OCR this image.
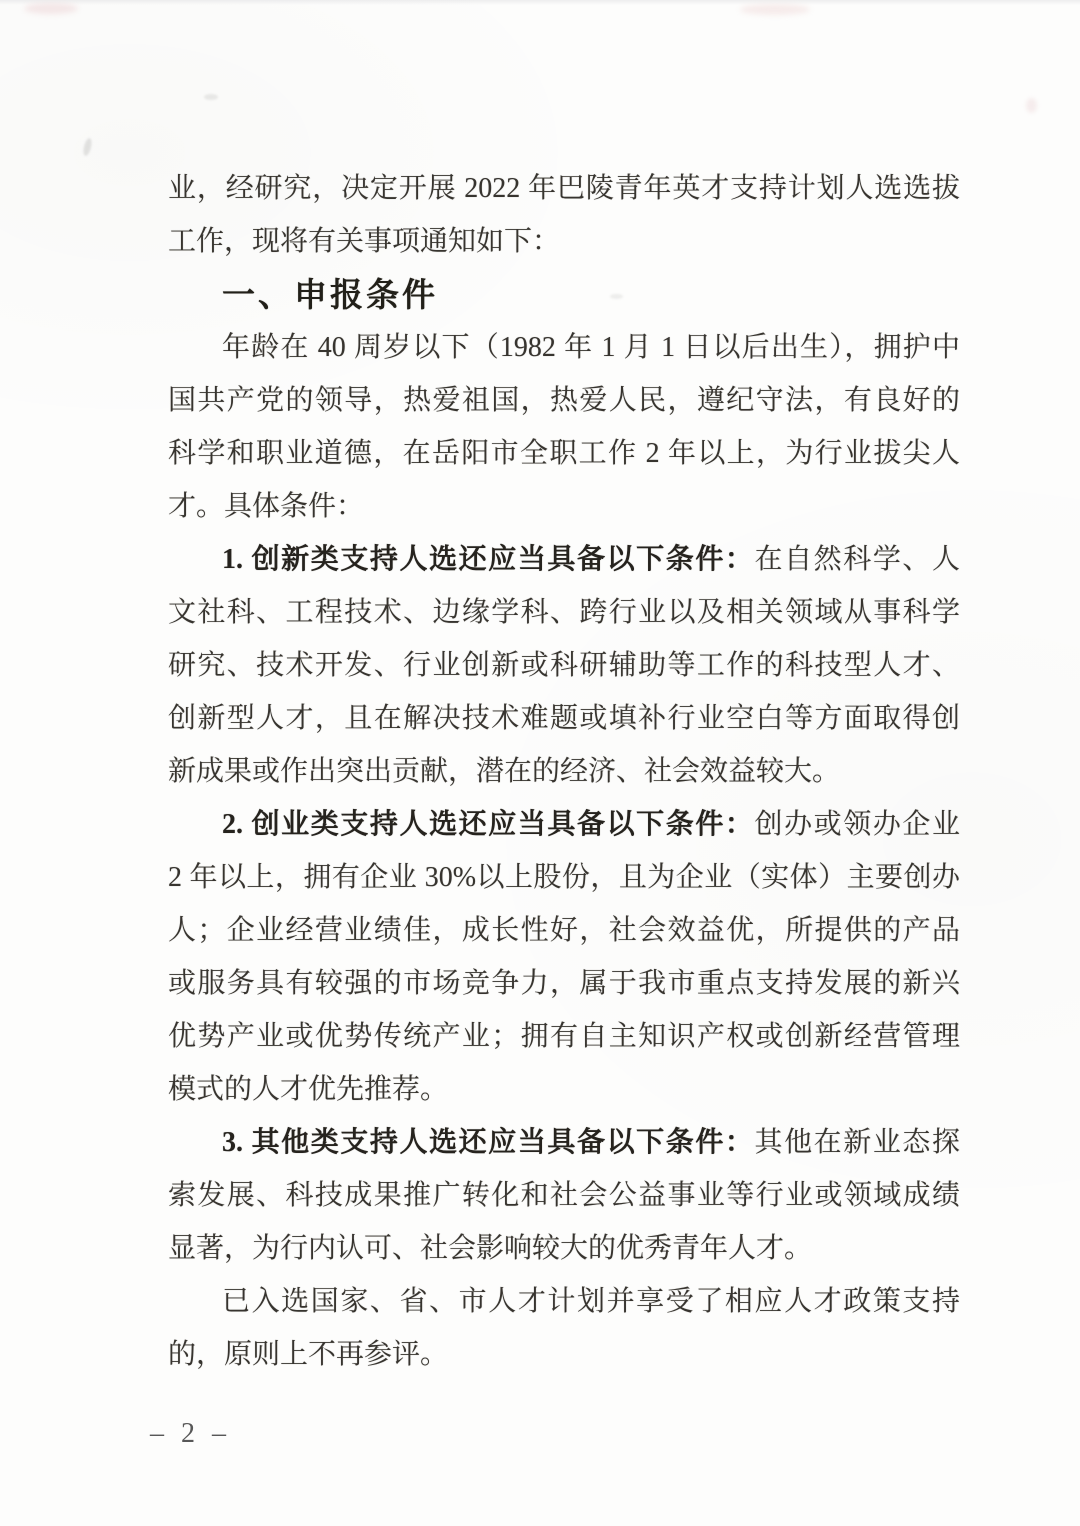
业，经研究，决定开展 2022 年巴陵青年英才支持计划人选选拔
工作，现将有关事项通知如下：
一、申报条件
年龄在 40 周岁以下（1982 年 1 月 1 日以后出生），拥护中
国共产党的领导，热爱祖国，热爱人民，遵纪守法，有良好的
科学和职业道德，在岳阳市全职工作 2 年以上，为行业拔尖人
才。具体条件：
1. 创新类支持人选还应当具备以下条件：在自然科学、人
文社科、工程技术、边缘学科、跨行业以及相关领域从事科学
研究、技术开发、行业创新或科研辅助等工作的科技型人才、
创新型人才，且在解决技术难题或填补行业空白等方面取得创
新成果或作出突出贡献，潜在的经济、社会效益较大。
2. 创业类支持人选还应当具备以下条件：创办或领办企业
2 年以上，拥有企业 30%以上股份，且为企业（实体）主要创办
人；企业经营业绩佳，成长性好，社会效益优，所提供的产品
或服务具有较强的市场竞争力，属于我市重点支持发展的新兴
优势产业或优势传统产业；拥有自主知识产权或创新经营管理
模式的人才优先推荐。
3. 其他类支持人选还应当具备以下条件：其他在新业态探
索发展、科技成果推广转化和社会公益事业等行业或领域成绩
显著，为行内认可、社会影响较大的优秀青年人才。
已入选国家、省、市人才计划并享受了相应人才政策支持
的，原则上不再参评。
– 2 –
